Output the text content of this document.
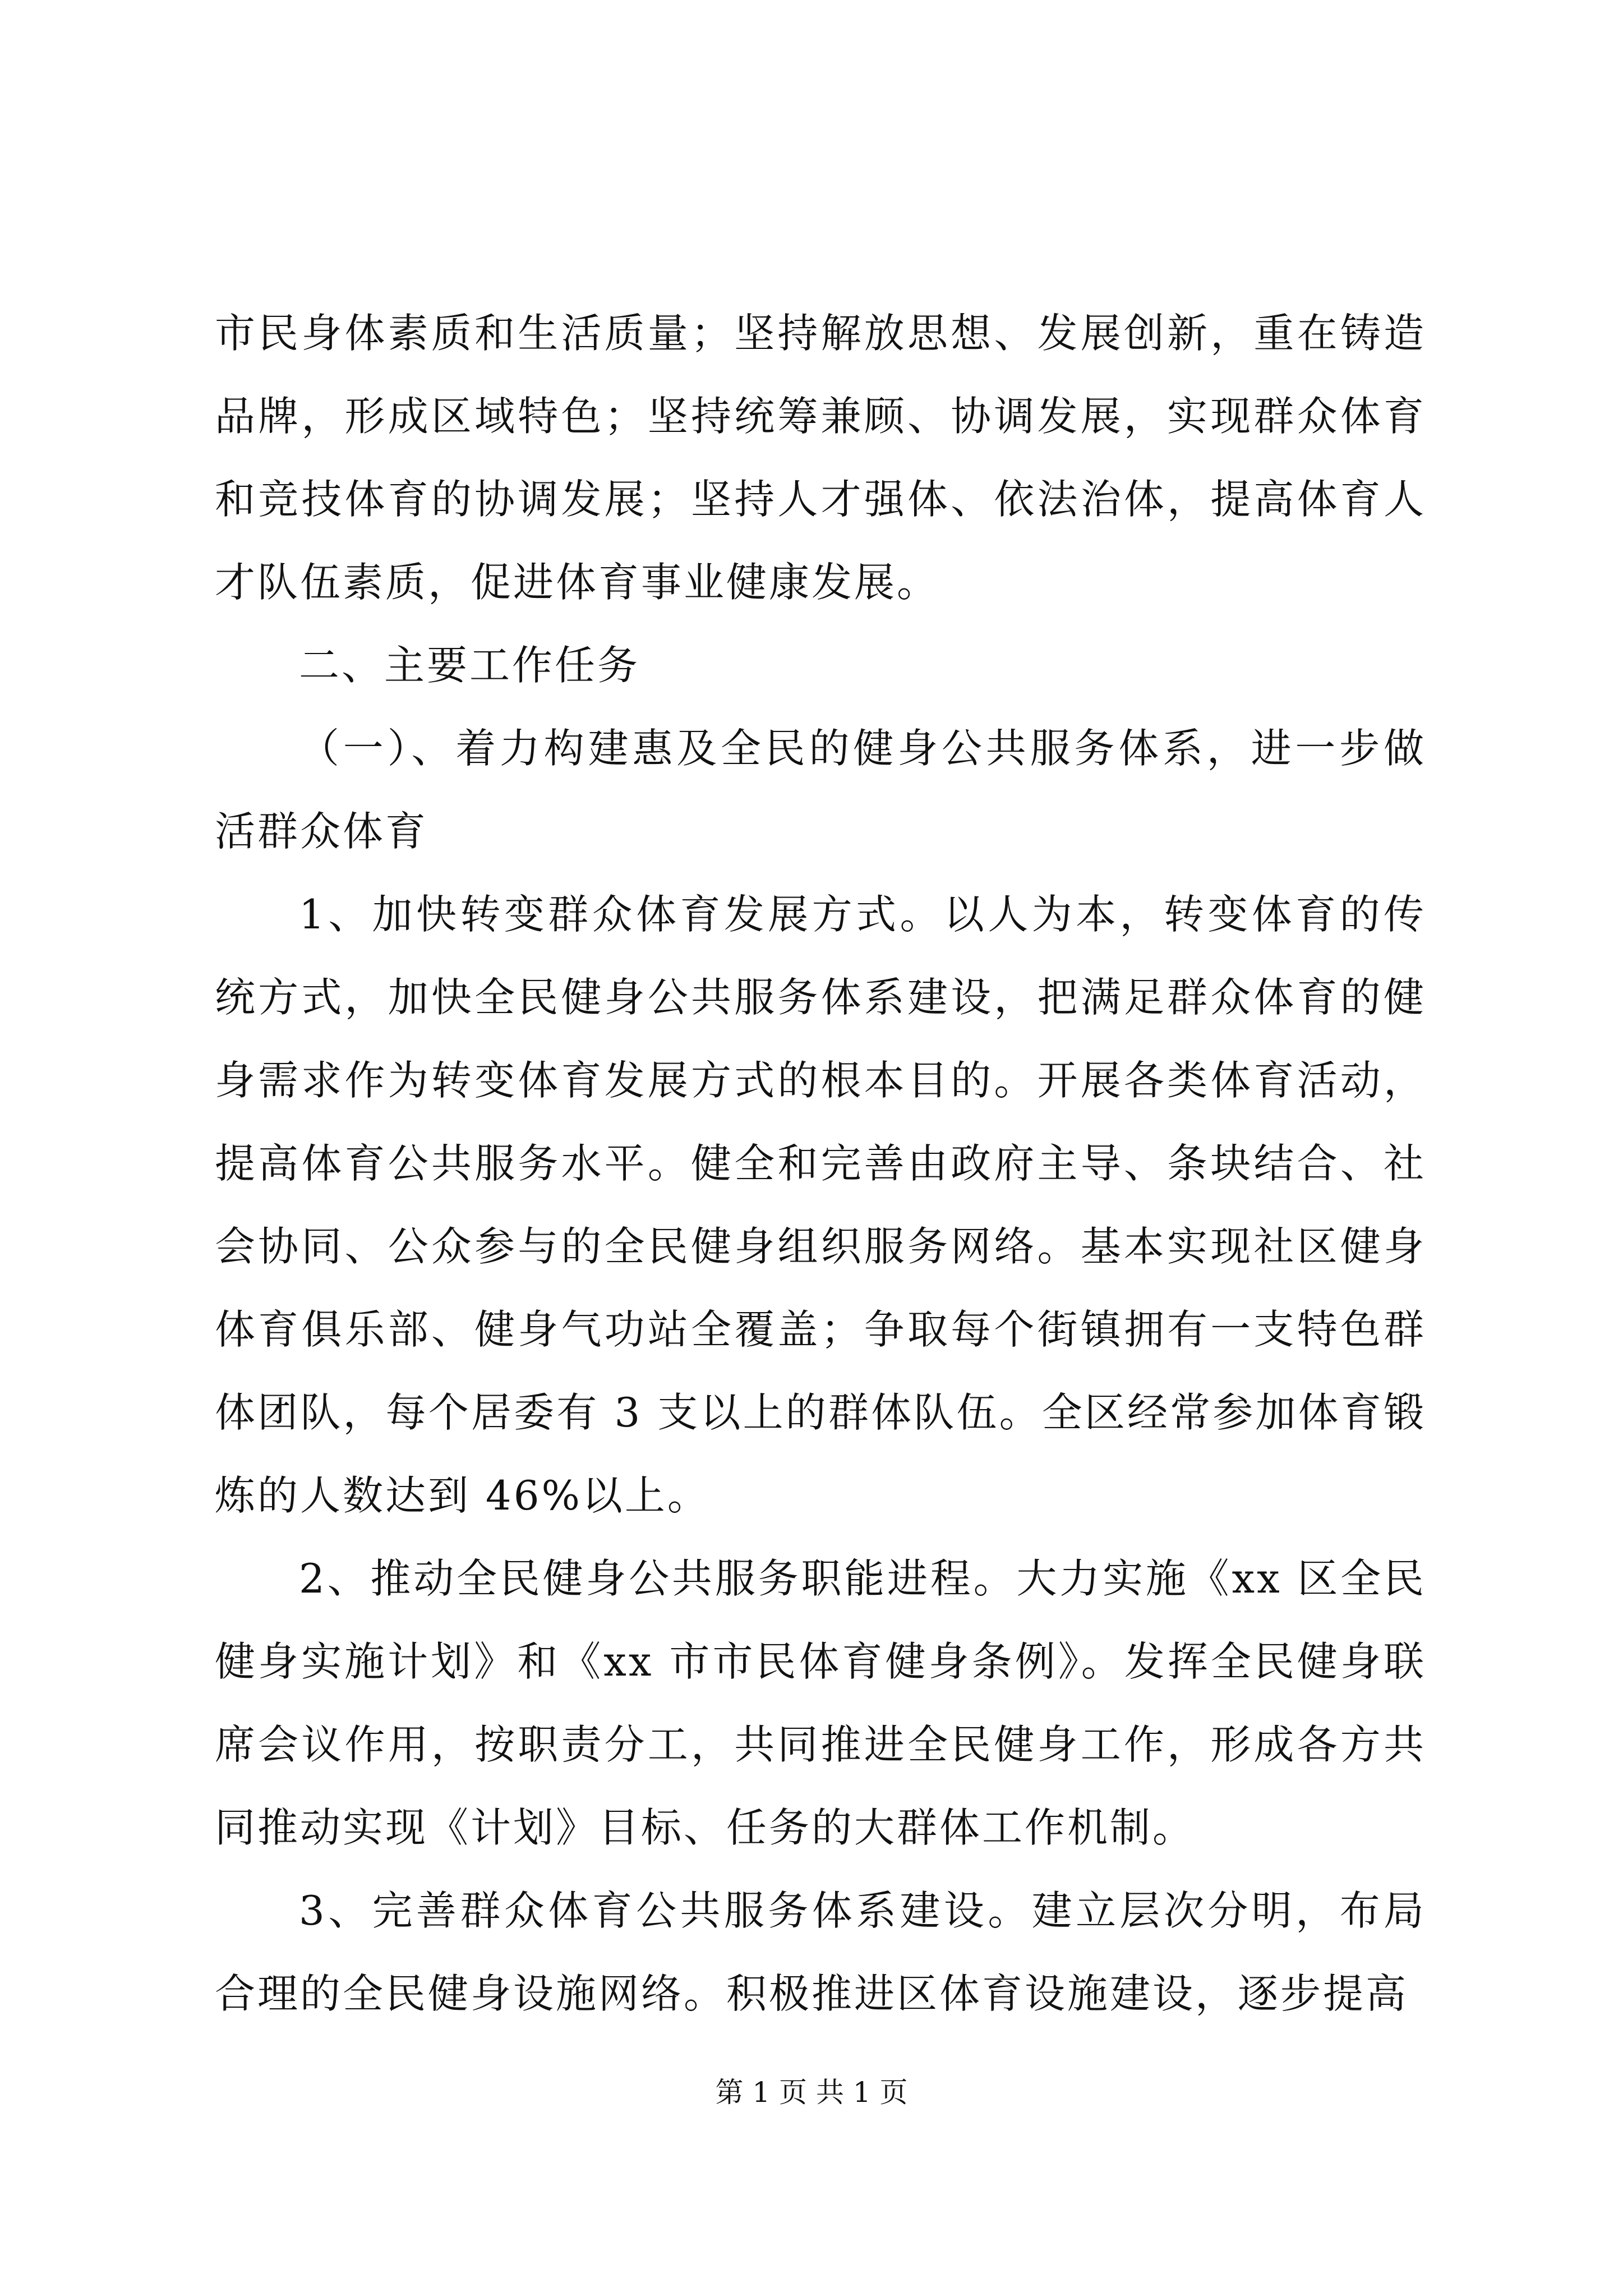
市民身体素质和生活质量；坚持解放思想、发展创新，重在铸造品牌，形成区域特色；坚持统筹兼顾、协调发展，实现群众体育和竞技体育的协调发展；坚持人才强体、依法治体，提高体育人才队伍素质，促进体育事业健康发展。

二、主要工作任务

（一）、着力构建惠及全民的健身公共服务体系，进一步做活群众体育

1、加快转变群众体育发展方式。以人为本，转变体育的传统方式，加快全民健身公共服务体系建设，把满足群众体育的健身需求作为转变体育发展方式的根本目的。开展各类体育活动，提高体育公共服务水平。健全和完善由政府主导、条块结合、社会协同、公众参与的全民健身组织服务网络。基本实现社区健身体育俱乐部、健身气功站全覆盖；争取每个街镇拥有一支特色群体团队，每个居委有 3 支以上的群体队伍。全区经常参加体育锻炼的人数达到 46%以上。

2、推动全民健身公共服务职能进程。大力实施《xx 区全民健身实施计划》和《xx 市市民体育健身条例》。发挥全民健身联席会议作用，按职责分工，共同推进全民健身工作，形成各方共同推动实现《计划》目标、任务的大群体工作机制。

3、完善群众体育公共服务体系建设。建立层次分明，布局合理的全民健身设施网络。积极推进区体育设施建设，逐步提高

第 1 页 共 1 页
